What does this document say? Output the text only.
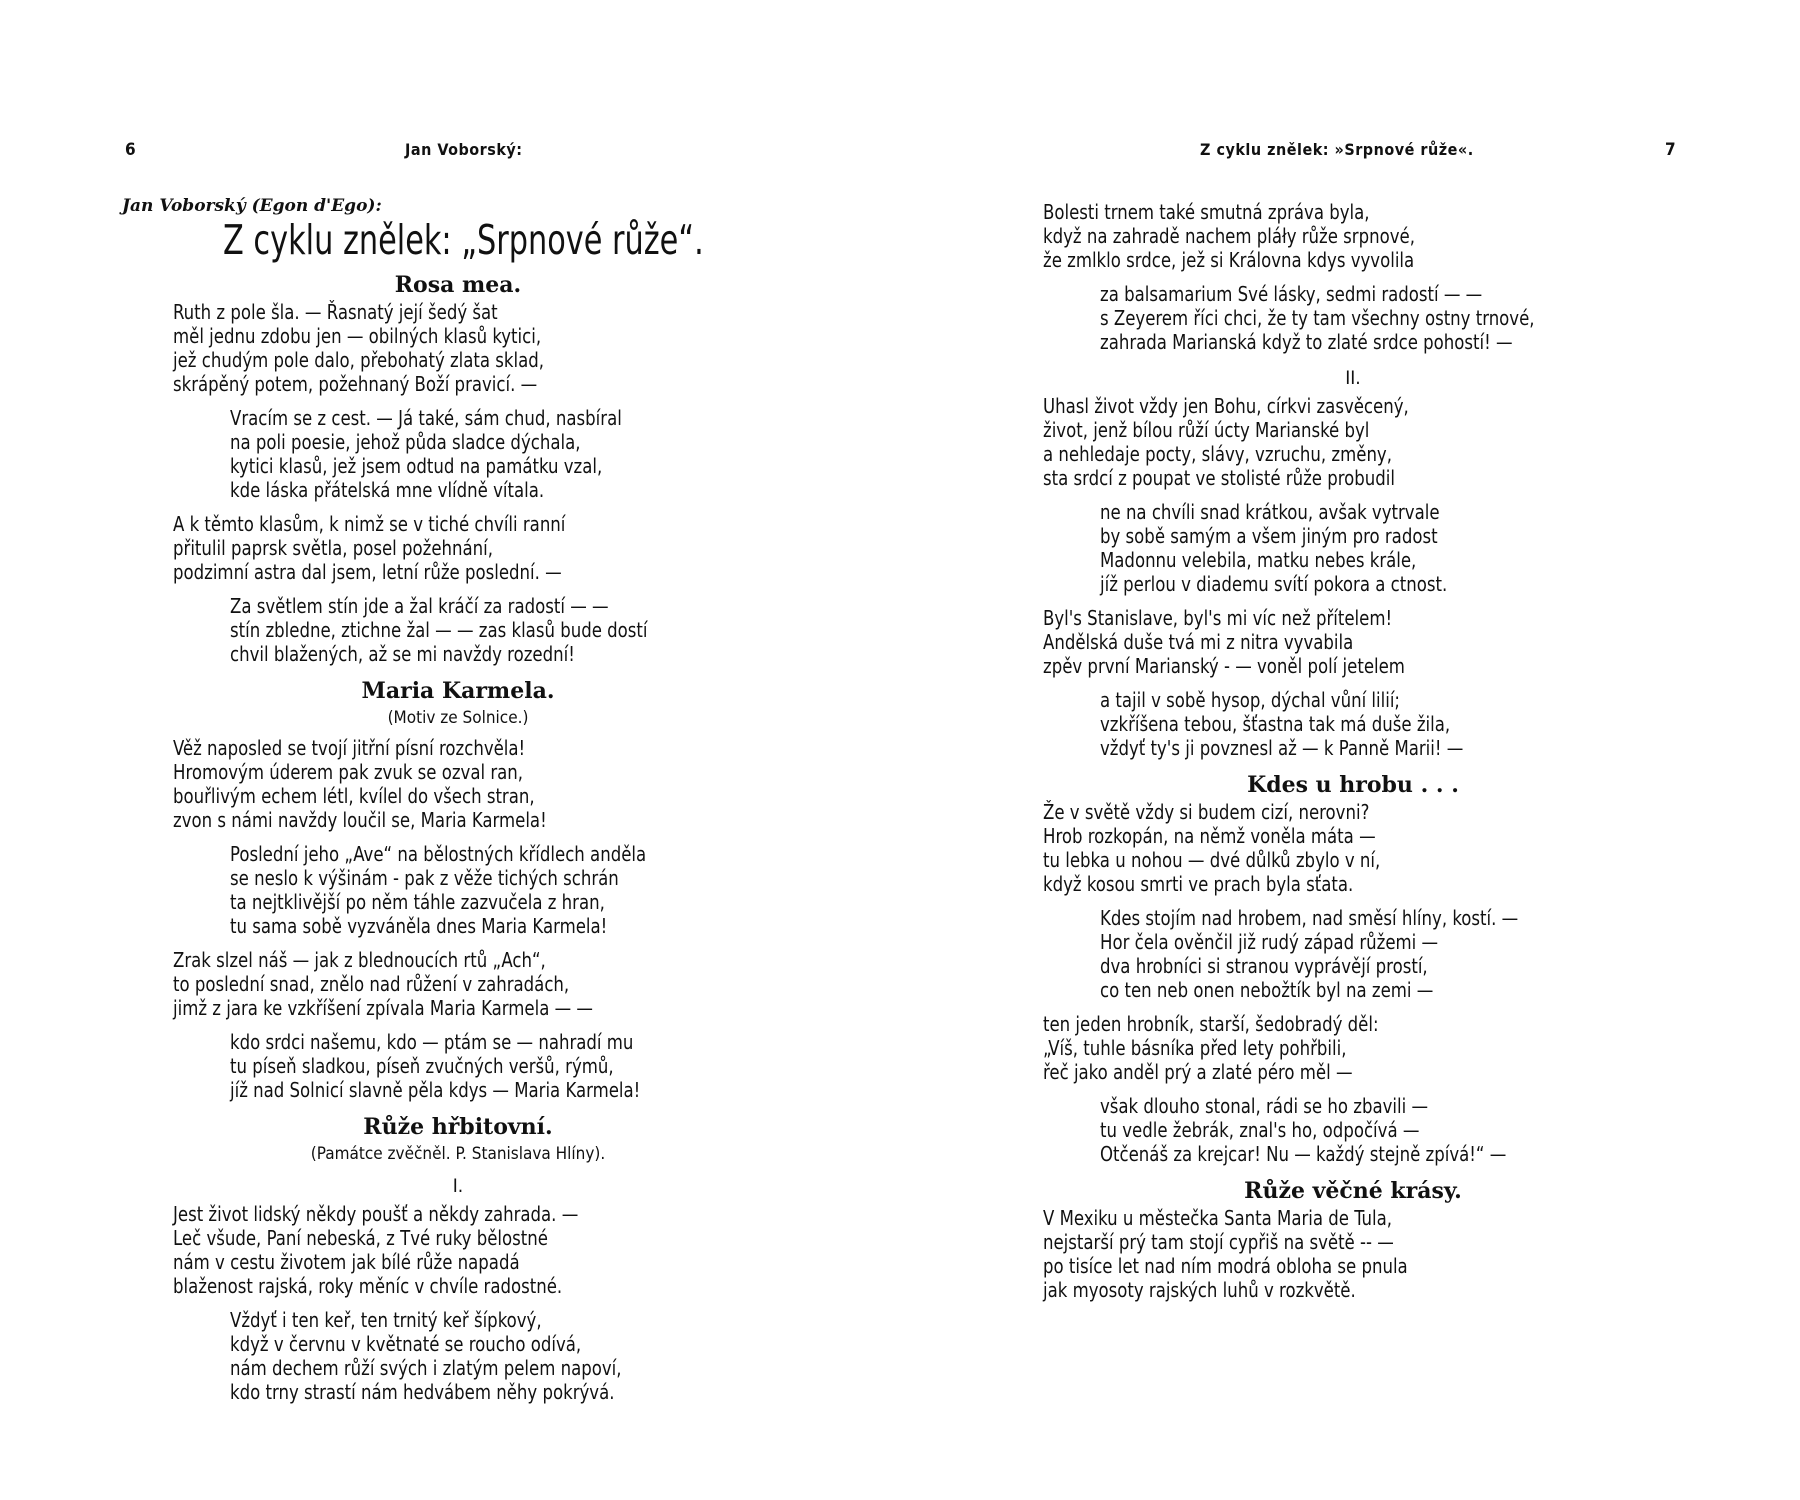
6	Jan Voborský:
Jan Voborský (Egon d'Ego):
Z cyklu znělek: „Srpnové růže“.
Rosa mea.
Ruth z pole šla. — Řasnatý její šedý šat
měl jednu zdobu jen — obilných klasů kytici,
jež chudým pole dalo, přebohatý zlata sklad,
skrápěný potem, požehnaný Boží pravicí. —
Vracím se z cest. — Já také, sám chud, nasbíral
na poli poesie, jehož půda sladce dýchala,
kytici klasů, jež jsem odtud na památku vzal,
kde láska přátelská mne vlídně vítala.
A k těmto klasům, k nimž se v tiché chvíli ranní
přitulil paprsk světla, posel požehnání,
podzimní astra dal jsem, letní růže poslední. —
Za světlem stín jde a žal kráčí za radostí — —
stín zbledne, ztichne žal — — zas klasů bude dostí
chvil blažených, až se mi navždy rozední!
Maria Karmela.
(Motiv ze Solnice.)
Věž naposled se tvojí jitřní písní rozchvěla!
Hromovým úderem pak zvuk se ozval ran,
bouřlivým echem létl, kvílel do všech stran,
zvon s námi navždy loučil se, Maria Karmela!
Poslední jeho „Ave“ na bělostných křídlech anděla
se neslo k výšinám - pak z věže tichých schrán
ta nejtklivější po něm táhle zazvučela z hran,
tu sama sobě vyzváněla dnes Maria Karmela!
Zrak slzel náš — jak z blednoucích rtů „Ach“,
to poslední snad, znělo nad růžení v zahradách,
jimž z jara ke vzkříšení zpívala Maria Karmela — —
kdo srdci našemu, kdo — ptám se — nahradí mu
tu píseň sladkou, píseň zvučných veršů, rýmů,
jíž nad Solnicí slavně pěla kdys — Maria Karmela!
Růže hřbitovní.
(Památce zvěčněl. P. Stanislava Hlíny).
I.
Jest život lidský někdy poušť a někdy zahrada. —
Leč všude, Paní nebeská, z Tvé ruky bělostné
nám v cestu životem jak bílé růže napadá
blaženost rajská, roky měníc v chvíle radostné.
Vždyť i ten keř, ten trnitý keř šípkový,
když v červnu v květnaté se roucho odívá,
nám dechem růží svých i zlatým pelem napoví,
kdo trny strastí nám hedvábem něhy pokrývá.
Z cyklu znělek: »Srpnové růže«.	7
Bolesti trnem také smutná zpráva byla,
když na zahradě nachem pláły růže srpnové,
že zmlklo srdce, jež si Královna kdys vyvolila
za balsamarium Své lásky, sedmi radostí — —
s Zeyerem říci chci, že ty tam všechny ostny trnové,
zahrada Marianská když to zlaté srdce pohostí! —
II.
Uhasl život vždy jen Bohu, církvi zasvěcený,
život, jenž bílou růží úcty Marianské byl
a nehledaje pocty, slávy, vzruchu, změny,
sta srdcí z poupat ve stolisté růže probudil
ne na chvíli snad krátkou, avšak vytrvale
by sobě samým a všem jiným pro radost
Madonnu velebila, matku nebes krále,
jíž perlou v diademu svítí pokora a ctnost.
Byl's Stanislave, byl's mi víc než přítelem!
Andělská duše tvá mi z nitra vyvabila
zpěv první Marianský - — voněl polí jetelem
a tajil v sobě hysop, dýchal vůní lilií;
vzkříšena tebou, šťastna tak má duše žila,
vždyť ty's ji povznesl až — k Panně Marii! —
Kdes u hrobu . . .
Že v světě vždy si budem cizí, nerovni?
Hrob rozkopán, na němž voněla máta —
tu lebka u nohou — dvé důlků zbylo v ní,
když kosou smrti ve prach byla sťata.
Kdes stojím nad hrobem, nad směsí hlíny, kostí. —
Hor čela ověnčil již rudý západ růžemi —
dva hrobníci si stranou vyprávějí prostí,
co ten neb onen nebožtík byl na zemi —
ten jeden hrobník, starší, šedobradý děl:
„Víš, tuhle básníka před lety pohřbili,
řeč jako anděl prý a zlaté péro měl —
však dlouho stonal, rádi se ho zbavili —
tu vedle žebrák, znal's ho, odpočívá —
Otčenáš za krejcar! Nu — každý stejně zpívá!“ —
Růže věčné krásy.
V Mexiku u městečka Santa Maria de Tula,
nejstarší prý tam stojí cypřiš na světě -- —
po tisíce let nad ním modrá obloha se pnula
jak myosoty rajských luhů v rozkvětě.
